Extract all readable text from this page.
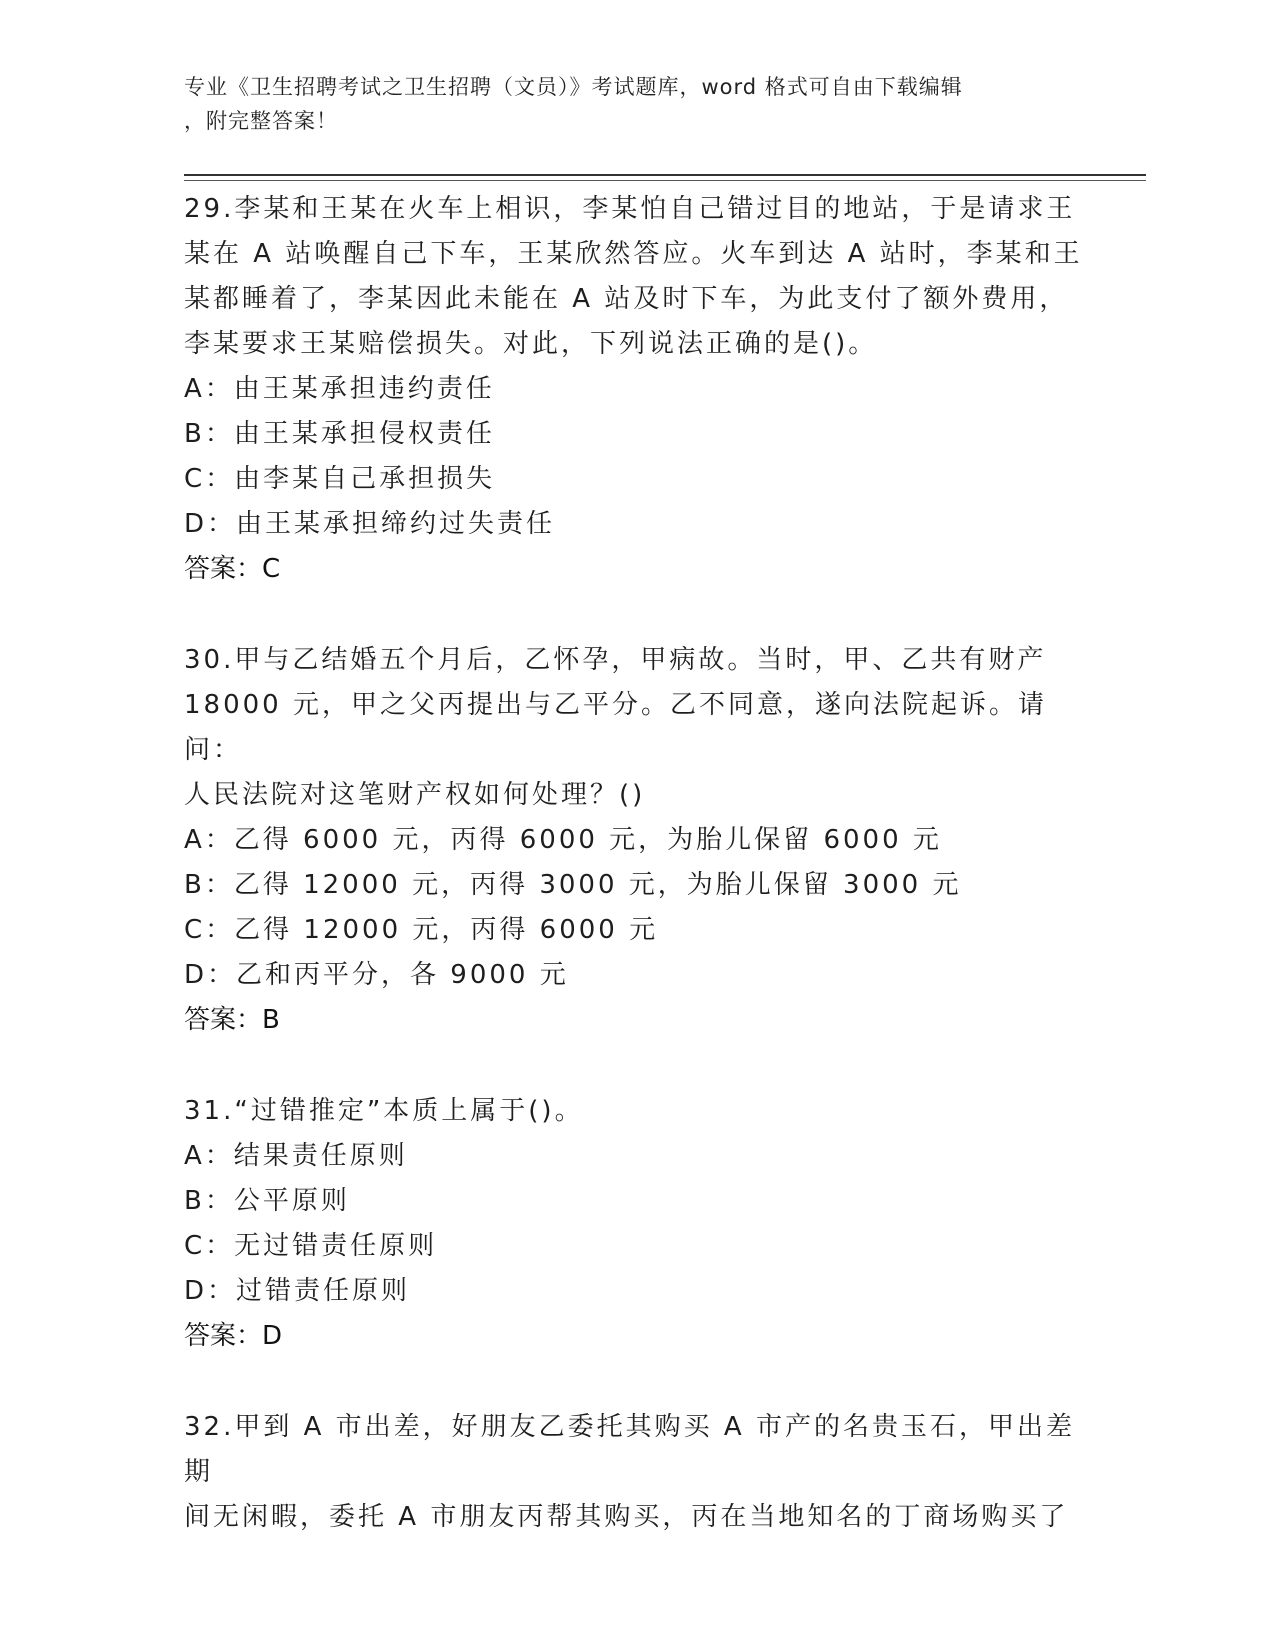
专业《卫生招聘考试之卫生招聘（文员）》考试题库，word 格式可自由下载编辑
，附完整答案！

29.李某和王某在火车上相识，李某怕自己错过目的地站，于是请求王

某在 A 站唤醒自己下车，王某欣然答应。火车到达 A 站时，李某和王

某都睡着了，李某因此未能在 A 站及时下车，为此支付了额外费用，

李某要求王某赔偿损失。对此，下列说法正确的是()。

A：由王某承担违约责任

B：由王某承担侵权责任

C：由李某自己承担损失

D：由王某承担缔约过失责任

答案：C

30.甲与乙结婚五个月后，乙怀孕，甲病故。当时，甲、乙共有财产

18000 元，甲之父丙提出与乙平分。乙不同意，遂向法院起诉。请问：

人民法院对这笔财产权如何处理？()

A：乙得 6000 元，丙得 6000 元，为胎儿保留 6000 元

B：乙得 12000 元，丙得 3000 元，为胎儿保留 3000 元

C：乙得 12000 元，丙得 6000 元

D：乙和丙平分，各 9000 元

答案：B

31.“过错推定”本质上属于()。

A：结果责任原则

B：公平原则

C：无过错责任原则

D：过错责任原则

答案：D

32.甲到 A 市出差，好朋友乙委托其购买 A 市产的名贵玉石，甲出差期

间无闲暇，委托 A 市朋友丙帮其购买，丙在当地知名的丁商场购买了
